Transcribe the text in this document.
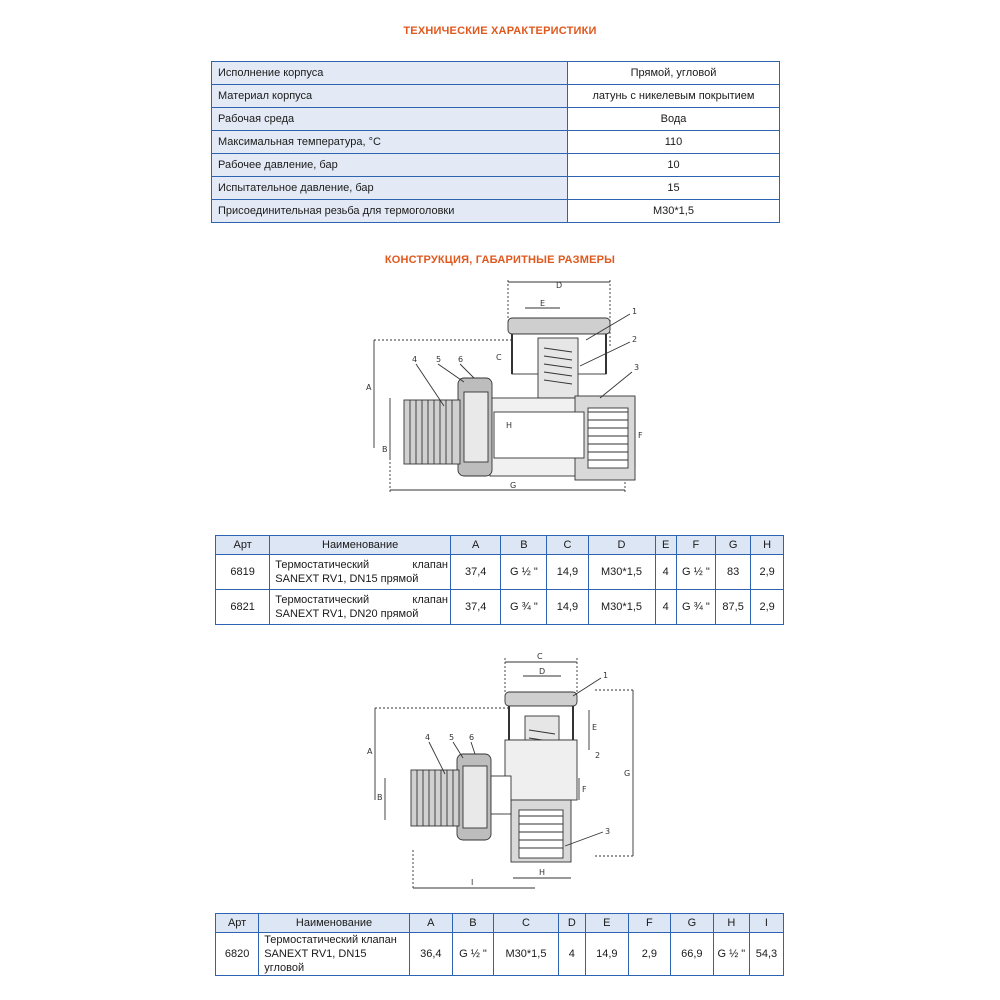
ТЕХНИЧЕСКИЕ ХАРАКТЕРИСТИКИ
Исполнение корпуса	Прямой, угловой
Материал корпуса	латунь с никелевым покрытием
Рабочая среда	Вода
Максимальная температура, °С	110
Рабочее давление, бар	10
Испытательное давление, бар	15
Присоединительная резьба для термоголовки	М30*1,5
КОНСТРУКЦИЯ, ГАБАРИТНЫЕ РАЗМЕРЫ
1
2
3
4 5 6
A
B
C
D
E
F
G
H
Арт	Наименование	A	B	C	D	E	F	G	H
6819	Термостатический клапан
SANEXT RV1, DN15 прямой	37,4	G ½ "	14,9	M30*1,5	4	G ½ "	83	2,9
6821	Термостатический клапан
SANEXT RV1, DN20 прямой	37,4	G ¾ "	14,9	M30*1,5	4	G ¾ "	87,5	2,9
1
2
3
4 5 6
A
B
C
D
E
F
G
H
I
Арт	Наименование	A	B	C	D	E	F	G	H	I
6820	Термостатический клапан
SANEXT RV1, DN15 угловой	36,4	G ½ "	M30*1,5	4	14,9	2,9	66,9	G ½ "	54,3
